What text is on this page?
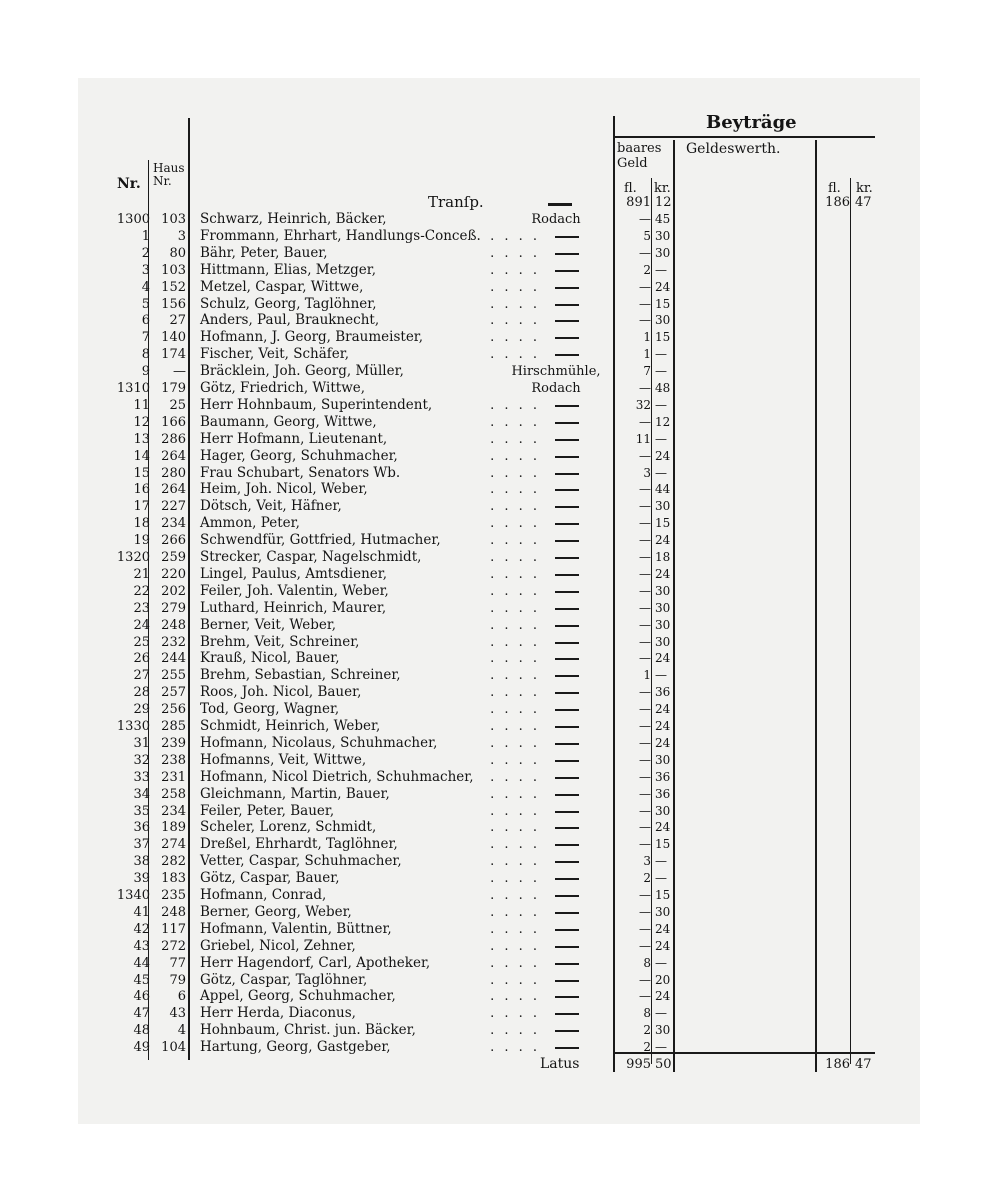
Beyträge
baares Geld
Geldeswerth.
Haus Nr.
Nr.	fl. kr.	fl. kr.
Tranſp.	891 12	186 47
1300 103 Schwarz, Heinrich, Bäcker,	Rodach	— 45
1	3 Frommann, Ehrhart, Handlungs-Conceß.	5 30
. . . .
2	80 Bähr, Peter, Bauer,	— 30
. . . .
3 103 Hittmann, Elias, Metzger,	2 —
. . . .
4 152 Metzel, Caspar, Wittwe,	— 24
. . . .
5 156 Schulz, Georg, Taglöhner,	— 15
. . . .
6	27 Anders, Paul, Brauknecht,	— 30
. . . .
7 140 Hofmann, J. Georg, Braumeister,	1 15
. . . .
8 174 Fischer, Veit, Schäfer,	1 —
. . . .
9	— Bräcklein, Joh. Georg, Müller,	Hirschmühle,	7 —
1310 179 Götz, Friedrich, Wittwe,	Rodach	— 48
11	25 Herr Hohnbaum, Superintendent,	32 —
. . . .
12 166 Baumann, Georg, Wittwe,	— 12
. . . .
13 286 Herr Hofmann, Lieutenant,	11 —
. . . .
14 264 Hager, Georg, Schuhmacher,	— 24
. . . .
15 280 Frau Schubart, Senators Wb.	3 —
. . . .
16 264 Heim, Joh. Nicol, Weber,	— 44
. . . .
17 227 Dötsch, Veit, Häfner,	— 30
. . . .
18 234 Ammon, Peter,	— 15
. . . .
19 266 Schwendfür, Gottfried, Hutmacher,	— 24
. . . .
1320 259 Strecker, Caspar, Nagelschmidt,	— 18
. . . .
21 220 Lingel, Paulus, Amtsdiener,	— 24
. . . .
22 202 Feiler, Joh. Valentin, Weber,	— 30
. . . .
23 279 Luthard, Heinrich, Maurer,	— 30
. . . .
24 248 Berner, Veit, Weber,	— 30
. . . .
25 232 Brehm, Veit, Schreiner,	— 30
. . . .
26 244 Krauß, Nicol, Bauer,	— 24
. . . .
27 255 Brehm, Sebastian, Schreiner,	1 —
. . . .
28 257 Roos, Joh. Nicol, Bauer,	— 36
. . . .
29 256 Tod, Georg, Wagner,	— 24
. . . .
1330 285 Schmidt, Heinrich, Weber,	— 24
. . . .
31 239 Hofmann, Nicolaus, Schuhmacher,	— 24
. . . .
32 238 Hofmanns, Veit, Wittwe,	— 30
. . . .
33 231 Hofmann, Nicol Dietrich, Schuhmacher,	— 36
. . . .
34 258 Gleichmann, Martin, Bauer,	— 36
. . . .
35 234 Feiler, Peter, Bauer,	— 30
. . . .
36 189 Scheler, Lorenz, Schmidt,	— 24
. . . .
37 274 Dreßel, Ehrhardt, Taglöhner,	— 15
. . . .
38 282 Vetter, Caspar, Schuhmacher,	3 —
. . . .
39 183 Götz, Caspar, Bauer,	2 —
. . . .
1340 235 Hofmann, Conrad,	— 15
. . . .
41 248 Berner, Georg, Weber,	— 30
. . . .
42 117 Hofmann, Valentin, Büttner,	— 24
. . . .
43 272 Griebel, Nicol, Zehner,	— 24
. . . .
44	77 Herr Hagendorf, Carl, Apotheker,	8 —
. . . .
45	79 Götz, Caspar, Taglöhner,	— 20
. . . .
46	6 Appel, Georg, Schuhmacher,	— 24
. . . .
47	43 Herr Herda, Diaconus,	8 —
. . . .
48	4 Hohnbaum, Christ. jun. Bäcker,	2 30
. . . .
49 104 Hartung, Georg, Gastgeber,	2 —
. . . .
Latus	995 50	186 47
